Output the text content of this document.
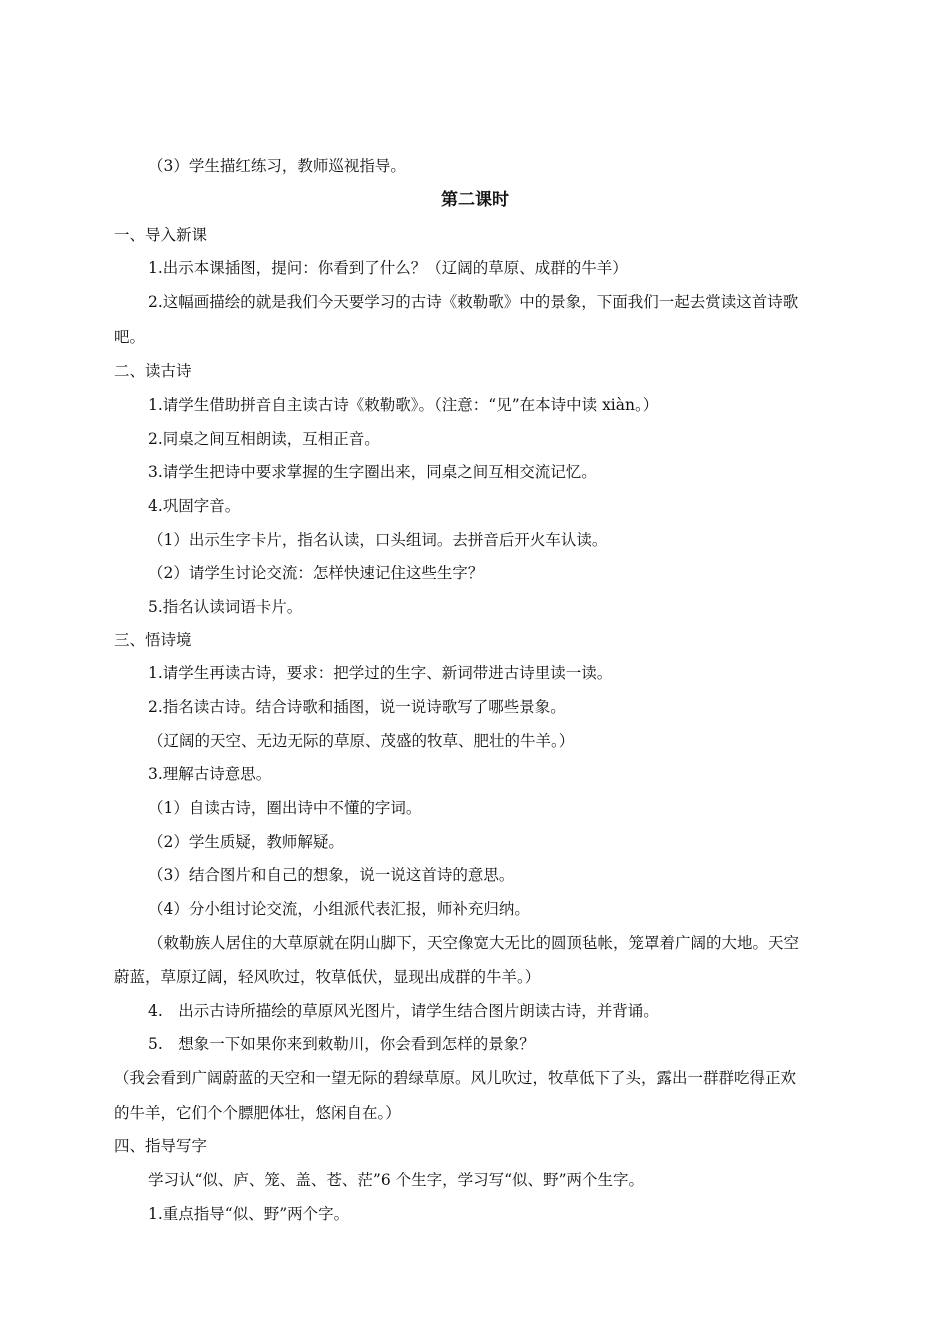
（3）学生描红练习，教师巡视指导。
第二课时
一、导入新课
1.出示本课插图，提问：你看到了什么？（辽阔的草原、成群的牛羊）
2.这幅画描绘的就是我们今天要学习的古诗《敕勒歌》中的景象，下面我们一起去赏读这首诗歌
吧。
二、读古诗
1.请学生借助拼音自主读古诗《敕勒歌》。（注意：“见”在本诗中读 xiàn。）
2.同桌之间互相朗读，互相正音。
3.请学生把诗中要求掌握的生字圈出来，同桌之间互相交流记忆。
4.巩固字音。
（1）出示生字卡片，指名认读，口头组词。去拼音后开火车认读。
（2）请学生讨论交流：怎样快速记住这些生字？
5.指名认读词语卡片。
三、悟诗境
1.请学生再读古诗，要求：把学过的生字、新词带进古诗里读一读。
2.指名读古诗。结合诗歌和插图，说一说诗歌写了哪些景象。
（辽阔的天空、无边无际的草原、茂盛的牧草、肥壮的牛羊。）
3.理解古诗意思。
（1）自读古诗，圈出诗中不懂的字词。
（2）学生质疑，教师解疑。
（3）结合图片和自己的想象，说一说这首诗的意思。
（4）分小组讨论交流，小组派代表汇报，师补充归纳。
（敕勒族人居住的大草原就在阴山脚下，天空像宽大无比的圆顶毡帐，笼罩着广阔的大地。天空
蔚蓝，草原辽阔，轻风吹过，牧草低伏，显现出成群的牛羊。）
4.　出示古诗所描绘的草原风光图片，请学生结合图片朗读古诗，并背诵。
5.　想象一下如果你来到敕勒川，你会看到怎样的景象？
（我会看到广阔蔚蓝的天空和一望无际的碧绿草原。风儿吹过，牧草低下了头，露出一群群吃得正欢
的牛羊，它们个个膘肥体壮，悠闲自在。）
四、指导写字
学习认“似、庐、笼、盖、苍、茫”6 个生字，学习写“似、野”两个生字。
1.重点指导“似、野”两个字。
